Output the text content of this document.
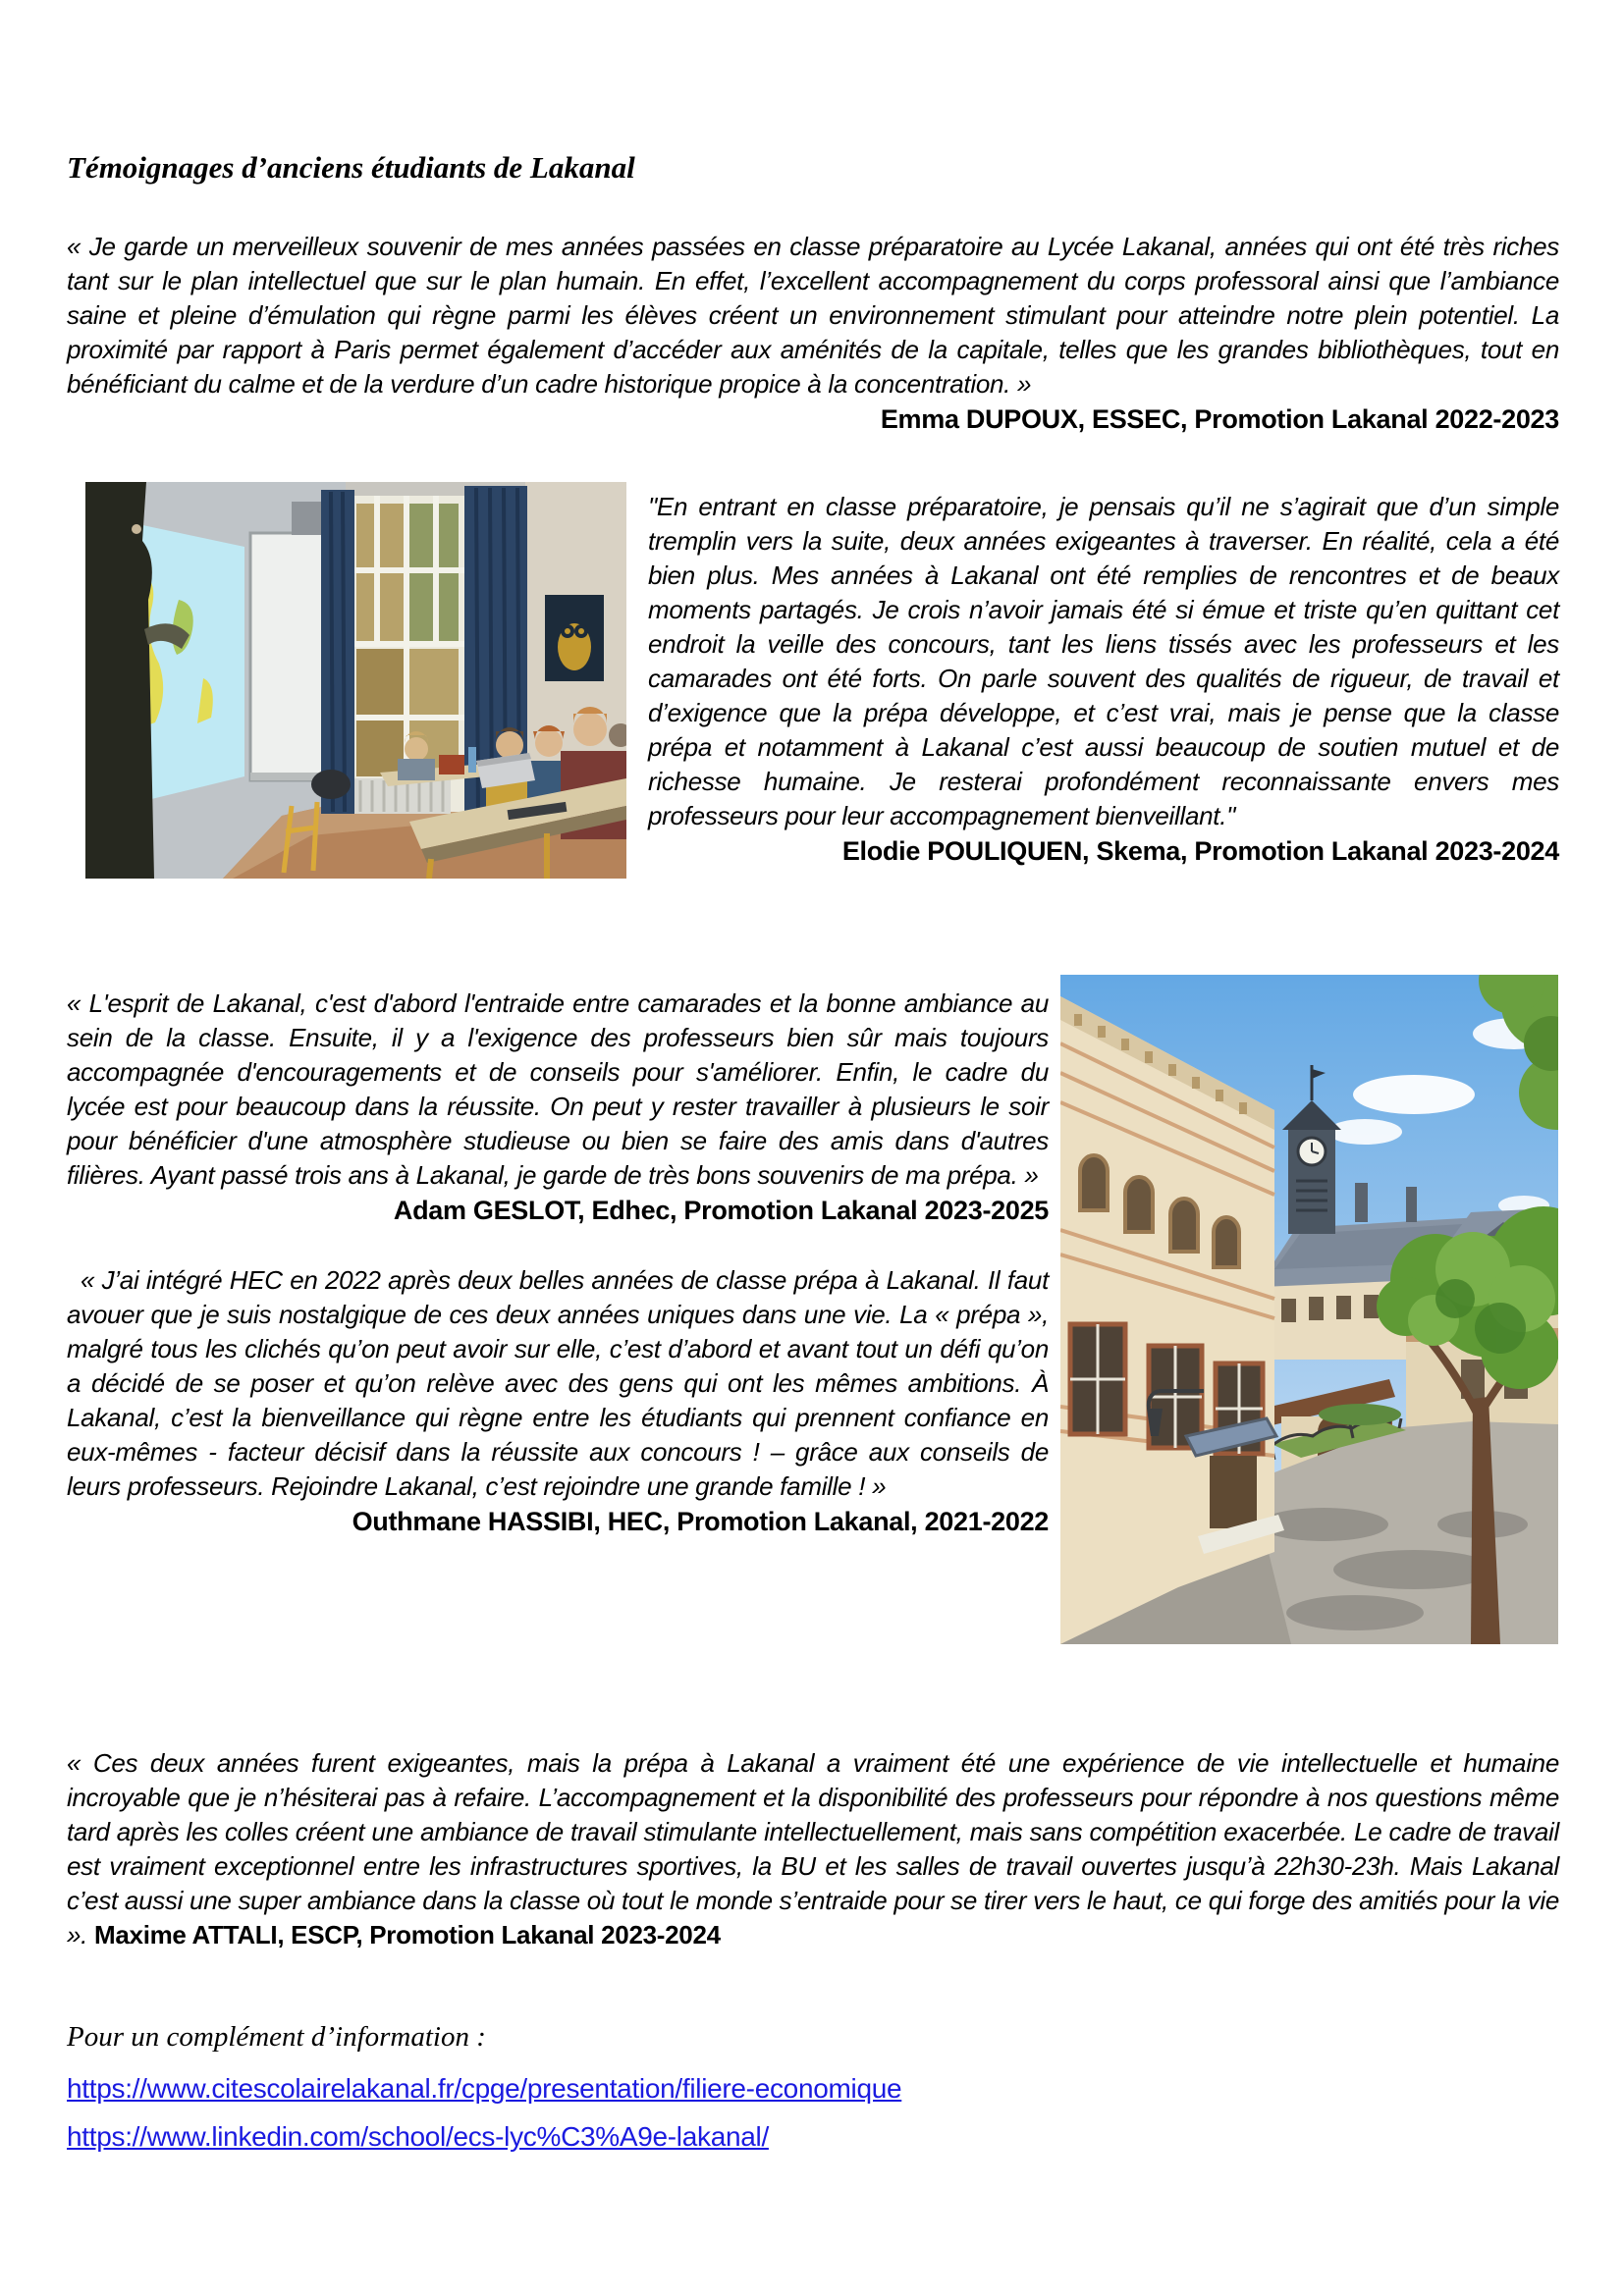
Témoignages d’anciens étudiants de Lakanal

« Je garde un merveilleux souvenir de mes années passées en classe préparatoire au Lycée Lakanal, années qui ont été très riches tant sur le plan intellectuel que sur le plan humain. En effet, l’excellent accompagnement du corps professoral ainsi que l’ambiance saine et pleine d’émulation qui règne parmi les élèves créent un environnement stimulant pour atteindre notre plein potentiel. La proximité par rapport à Paris permet également d’accéder aux aménités de la capitale, telles que les grandes bibliothèques, tout en bénéficiant du calme et de la verdure d’un cadre historique propice à la concentration. »

Emma DUPOUX, ESSEC, Promotion Lakanal 2022-2023

"En entrant en classe préparatoire, je pensais qu’il ne s’agirait que d’un simple tremplin vers la suite, deux années exigeantes à traverser. En réalité, cela a été bien plus. Mes années à Lakanal ont été remplies de rencontres et de beaux moments partagés. Je crois n’avoir jamais été si émue et triste qu’en quittant cet endroit la veille des concours, tant les liens tissés avec les professeurs et les camarades ont été forts. On parle souvent des qualités de rigueur, de travail et d’exigence que la prépa développe, et c’est vrai, mais je pense que la classe prépa et notamment à Lakanal c’est aussi beaucoup de soutien mutuel et de richesse humaine. Je resterai profondément reconnaissante envers mes professeurs pour leur accompagnement bienveillant."

Elodie POULIQUEN, Skema, Promotion Lakanal 2023-2024

« L'esprit de Lakanal, c'est d'abord l'entraide entre camarades et la bonne ambiance au sein de la classe. Ensuite, il y a l'exigence des professeurs bien sûr mais toujours accompagnée d'encouragements et de conseils pour s'améliorer. Enfin, le cadre du lycée est pour beaucoup dans la réussite. On peut y rester travailler à plusieurs le soir pour bénéficier d'une atmosphère studieuse ou bien se faire des amis dans d'autres filières. Ayant passé trois ans à Lakanal, je garde de très bons souvenirs de ma prépa. »

Adam GESLOT, Edhec, Promotion Lakanal 2023-2025

« J’ai intégré HEC en 2022 après deux belles années de classe prépa à Lakanal. Il faut avouer que je suis nostalgique de ces deux années uniques dans une vie. La « prépa », malgré tous les clichés qu’on peut avoir sur elle, c’est d’abord et avant tout un défi qu’on a décidé de se poser et qu’on relève avec des gens qui ont les mêmes ambitions. À Lakanal, c’est la bienveillance qui règne entre les étudiants qui prennent confiance en eux-mêmes - facteur décisif dans la réussite aux concours ! – grâce aux conseils de leurs professeurs. Rejoindre Lakanal, c’est rejoindre une grande famille ! »

Outhmane HASSIBI, HEC, Promotion Lakanal, 2021-2022

« Ces deux années furent exigeantes, mais la prépa à Lakanal a vraiment été une expérience de vie intellectuelle et humaine incroyable que je n’hésiterai pas à refaire. L’accompagnement et la disponibilité des professeurs pour répondre à nos questions même tard après les colles créent une ambiance de travail stimulante intellectuellement, mais sans compétition exacerbée. Le cadre de travail est vraiment exceptionnel entre les infrastructures sportives, la BU et les salles de travail ouvertes jusqu’à 22h30-23h. Mais Lakanal c’est aussi une super ambiance dans la classe où tout le monde s’entraide pour se tirer vers le haut, ce qui forge des amitiés pour la vie ». Maxime ATTALI, ESCP, Promotion Lakanal 2023-2024

Pour un complément d’information :

https://www.citescolairelakanal.fr/cpge/presentation/filiere-economique
https://www.linkedin.com/school/ecs-lyc%C3%A9e-lakanal/
